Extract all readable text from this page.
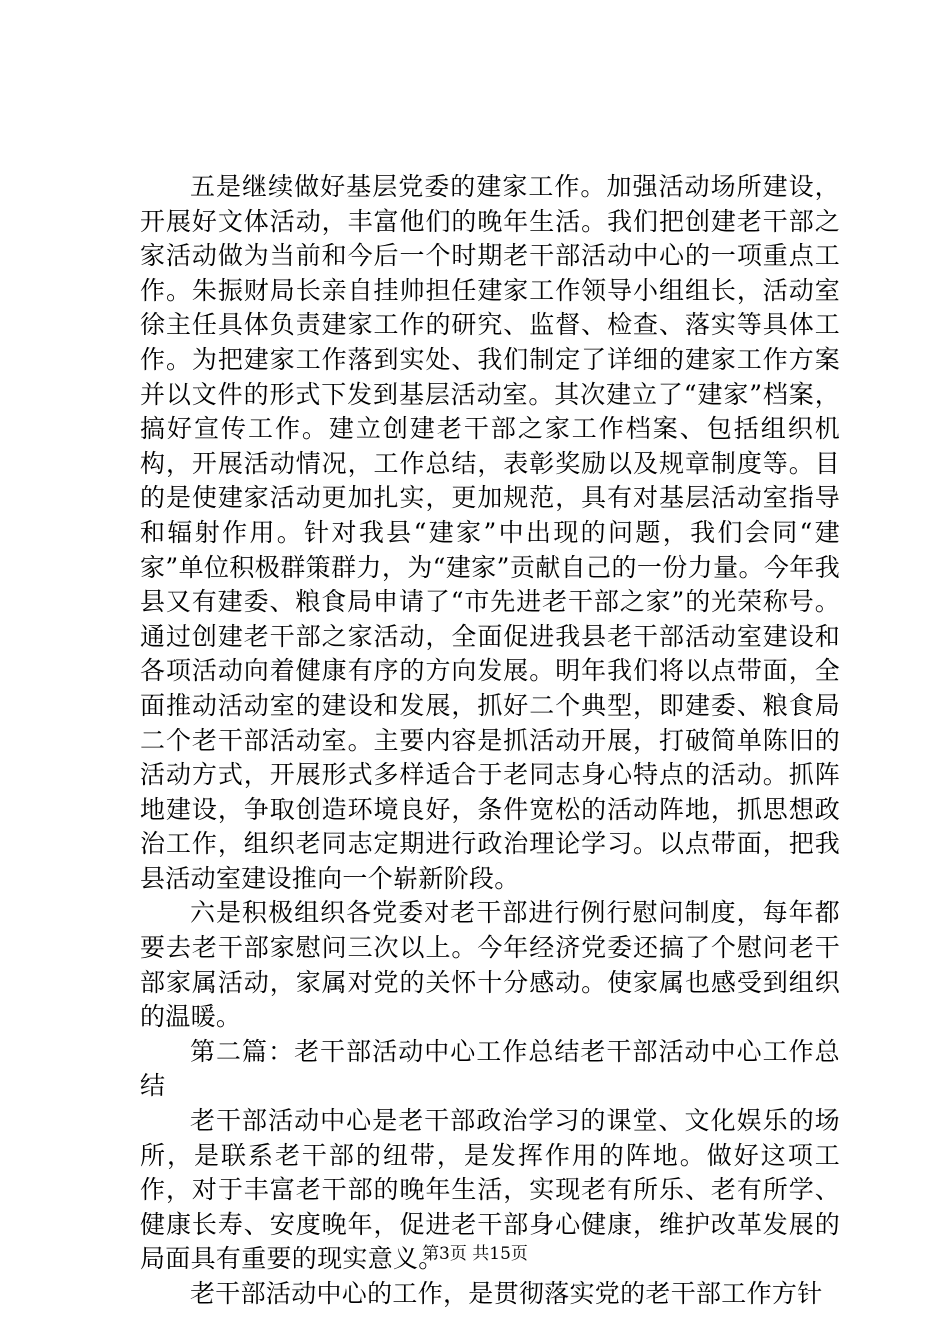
五是继续做好基层党委的建家工作。加强活动场所建设，开展好文体活动，丰富他们的晚年生活。我们把创建老干部之家活动做为当前和今后一个时期老干部活动中心的一项重点工作。朱振财局长亲自挂帅担任建家工作领导小组组长，活动室徐主任具体负责建家工作的研究、监督、检查、落实等具体工作。为把建家工作落到实处、我们制定了详细的建家工作方案并以文件的形式下发到基层活动室。其次建立了“建家”档案，搞好宣传工作。建立创建老干部之家工作档案、包括组织机构，开展活动情况，工作总结，表彰奖励以及规章制度等。目的是使建家活动更加扎实，更加规范，具有对基层活动室指导和辐射作用。针对我县“建家”中出现的问题，我们会同“建家”单位积极群策群力，为“建家”贡献自己的一份力量。今年我县又有建委、粮食局申请了“市先进老干部之家”的光荣称号。通过创建老干部之家活动，全面促进我县老干部活动室建设和各项活动向着健康有序的方向发展。明年我们将以点带面，全面推动活动室的建设和发展，抓好二个典型，即建委、粮食局二个老干部活动室。主要内容是抓活动开展，打破简单陈旧的活动方式，开展形式多样适合于老同志身心特点的活动。抓阵地建设，争取创造环境良好，条件宽松的活动阵地，抓思想政治工作，组织老同志定期进行政治理论学习。以点带面，把我县活动室建设推向一个崭新阶段。

六是积极组织各党委对老干部进行例行慰问制度，每年都要去老干部家慰问三次以上。今年经济党委还搞了个慰问老干部家属活动，家属对党的关怀十分感动。使家属也感受到组织的温暖。

第二篇：老干部活动中心工作总结老干部活动中心工作总结

老干部活动中心是老干部政治学习的课堂、文化娱乐的场所，是联系老干部的纽带，是发挥作用的阵地。做好这项工作，对于丰富老干部的晚年生活，实现老有所乐、老有所学、健康长寿、安度晚年，促进老干部身心健康，维护改革发展的局面具有重要的现实意义。

老干部活动中心的工作，是贯彻落实党的老干部工作方针

第3页 共15页
